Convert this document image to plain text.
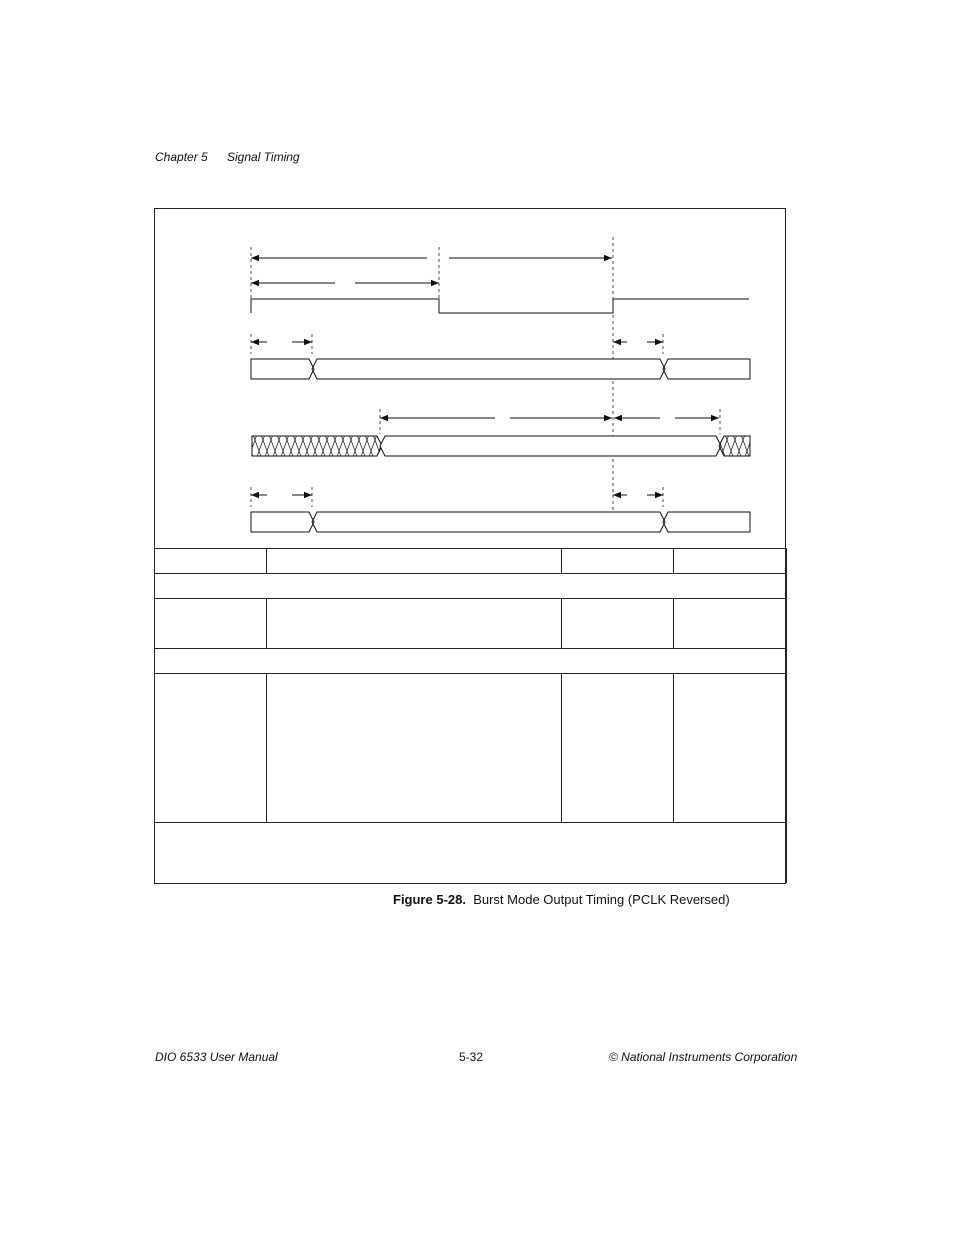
Chapter 5 Signal Timing

Figure 5-28. Burst Mode Output Timing (PCLK Reversed)
DIO 6533 User Manual	5-32	© National Instruments Corporation
